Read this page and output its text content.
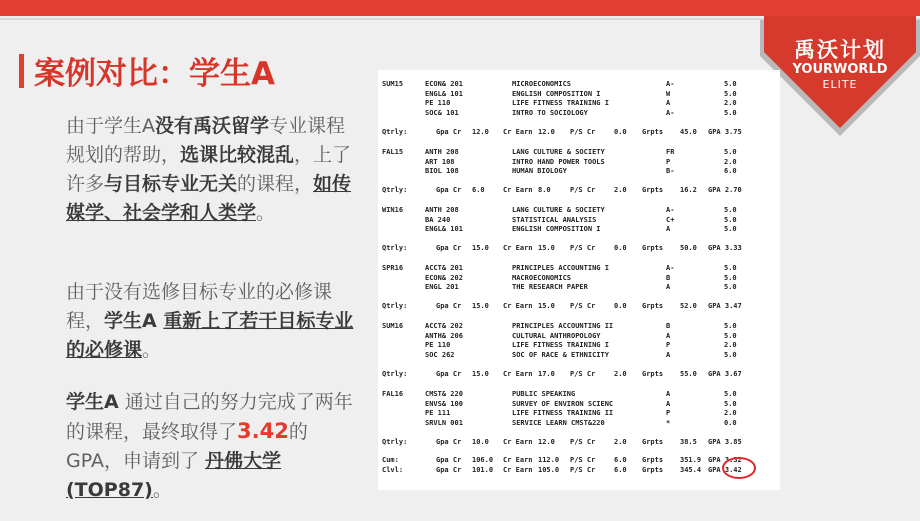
禹沃计划
YOURWORLD
ELITE
案例对比：学生A
由于学生A没有禹沃留学专业课程规划的帮助，选课比较混乱，上了许多与目标专业无关的课程，如传媒学、社会学和人类学。
由于没有选修目标专业的必修课程，学生A 重新上了若干目标专业的必修课。
学生A 通过自己的努力完成了两年的课程，最终取得了3.42的GPA，申请到了 丹佛大学(TOP87)。
SUM15	ECON& 201	MICROECONOMICS	A-	5.0
ENGL& 101	ENGLISH COMPOSITION I	W	5.0
PE 110	LIFE FITNESS TRAINING I	A	2.0
SOC& 101	INTRO TO SOCIOLOGY	A-	5.0
Qtrly:	Gpa Cr 12.0 Cr Earn 12.0 P/S Cr	0.0 Grpts 45.0 GPA 3.75
FAL15	ANTH 208	LANG CULTURE & SOCIETY	FR	5.0
ART 108	INTRO HAND POWER TOOLS	P	2.0
BIOL 108	HUMAN BIOLOGY	B-	6.0
Qtrly:	Gpa Cr 6.0	Cr Earn 8.0	P/S Cr	2.0 Grpts 16.2 GPA 2.70
WIN16	ANTH 208	LANG CULTURE & SOCIETY	A-	5.0
BA 240	STATISTICAL ANALYSIS	C+	5.0
ENGL& 101	ENGLISH COMPOSITION I	A	5.0
Qtrly:	Gpa Cr 15.0 Cr Earn 15.0 P/S Cr	0.0 Grpts 50.0 GPA 3.33
SPR16	ACCT& 201	PRINCIPLES ACCOUNTING I	A-	5.0
ECON& 202	MACROECONOMICS	B	5.0
ENGL 201	THE RESEARCH PAPER	A	5.0
Qtrly:	Gpa Cr 15.0 Cr Earn 15.0 P/S Cr	0.0 Grpts 52.0 GPA 3.47
SUM16	ACCT& 202	PRINCIPLES ACCOUNTING II	B	5.0
ANTH& 206	CULTURAL ANTHROPOLOGY	A	5.0
PE 110	LIFE FITNESS TRAINING I	P	2.0
SOC 262	SOC OF RACE & ETHNICITY	A	5.0
Qtrly:	Gpa Cr 15.0 Cr Earn 17.0 P/S Cr	2.0 Grpts 55.0 GPA 3.67
FAL16	CMST& 220	PUBLIC SPEAKING	A	5.0
ENVS& 100	SURVEY OF ENVIRON SCIENC	A	5.0
PE 111	LIFE FITNESS TRAINING II	P	2.0
SRVLN 001	SERVICE LEARN CMST&220	*	0.0
Qtrly:	Gpa Cr 10.0 Cr Earn 12.0 P/S Cr	2.0 Grpts 38.5 GPA 3.85
Cum:	Gpa Cr 106.0 Cr Earn 112.0 P/S Cr	6.0 Grpts 351.9 GPA 3.32
Clvl:	Gpa Cr 101.0 Cr Earn 105.0 P/S Cr	6.0 Grpts 345.4 GPA 3.42
